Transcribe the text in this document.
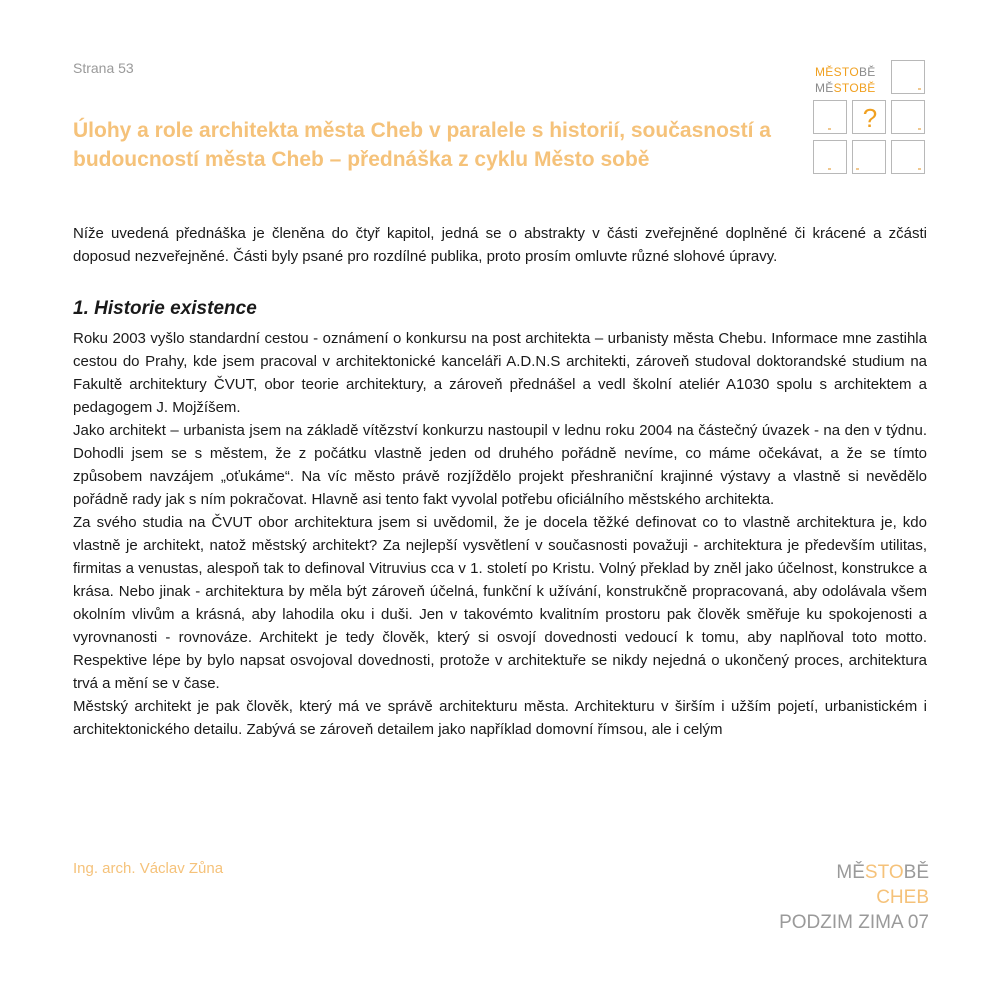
Strana 53
Úlohy a role architekta města Cheb v paralele s historií, současností a budoucností města Cheb – přednáška z cyklu Město sobě
MĚSTOBĚ
MĚSTOBĚ
?

Níže uvedená přednáška je členěna do čtyř kapitol, jedná se o abstrakty v části zveřejněné doplněné či krácené a zčásti doposud nezveřejněné. Části byly psané pro rozdílné publika, proto prosím omluvte různé slohové úpravy.

1. Historie existence

Roku 2003 vyšlo standardní cestou - oznámení o konkursu na post architekta – urbanisty města Chebu. Informace mne zastihla cestou do Prahy, kde jsem pracoval v architektonické kanceláři A.D.N.S architekti, zároveň studoval doktorandské studium na Fakultě architektury ČVUT, obor teorie architektury, a zároveň přednášel a vedl školní ateliér A1030 spolu s architektem a pedagogem J. Mojžíšem.

Jako architekt – urbanista jsem na základě vítězství konkurzu nastoupil v lednu roku 2004 na částečný úvazek - na den v týdnu. Dohodli jsem se s městem, že z počátku vlastně jeden od druhého pořádně nevíme, co máme očekávat, a že se tímto způsobem navzájem „oťukáme“. Na víc město právě rozjíždělo projekt přeshraniční krajinné výstavy a vlastně si nevědělo pořádně rady jak s ním pokračovat. Hlavně asi tento fakt vyvolal potřebu oficiálního městského architekta.

Za svého studia na ČVUT obor architektura jsem si uvědomil, že je docela těžké definovat co to vlastně architektura je, kdo vlastně je architekt, natož městský architekt? Za nejlepší vysvětlení v současnosti považuji - architektura je především utilitas, firmitas a venustas, alespoň tak to definoval Vitruvius cca v 1. století po Kristu. Volný překlad by zněl jako účelnost, konstrukce a krása. Nebo jinak - architektura by měla být zároveň účelná, funkční k užívání, konstrukčně propracovaná, aby odolávala všem okolním vlivům a krásná, aby lahodila oku i duši. Jen v takovémto kvalitním prostoru pak člověk směřuje ku spokojenosti a vyrovnanosti - rovnováze. Architekt je tedy člověk, který si osvojí dovednosti vedoucí k tomu, aby naplňoval toto motto. Respektive lépe by bylo napsat osvojoval dovednosti, protože v architektuře se nikdy nejedná o ukončený proces, architektura trvá a mění se v čase.

Městský architekt je pak člověk, který má ve správě architekturu města. Architekturu v širším i užším pojetí, urbanistickém i architektonického detailu. Zabývá se zároveň detailem jako například domovní římsou, ale i celým

Ing. arch. Václav Zůna	MĚSTOBĚ
CHEB
PODZIM ZIMA 07
